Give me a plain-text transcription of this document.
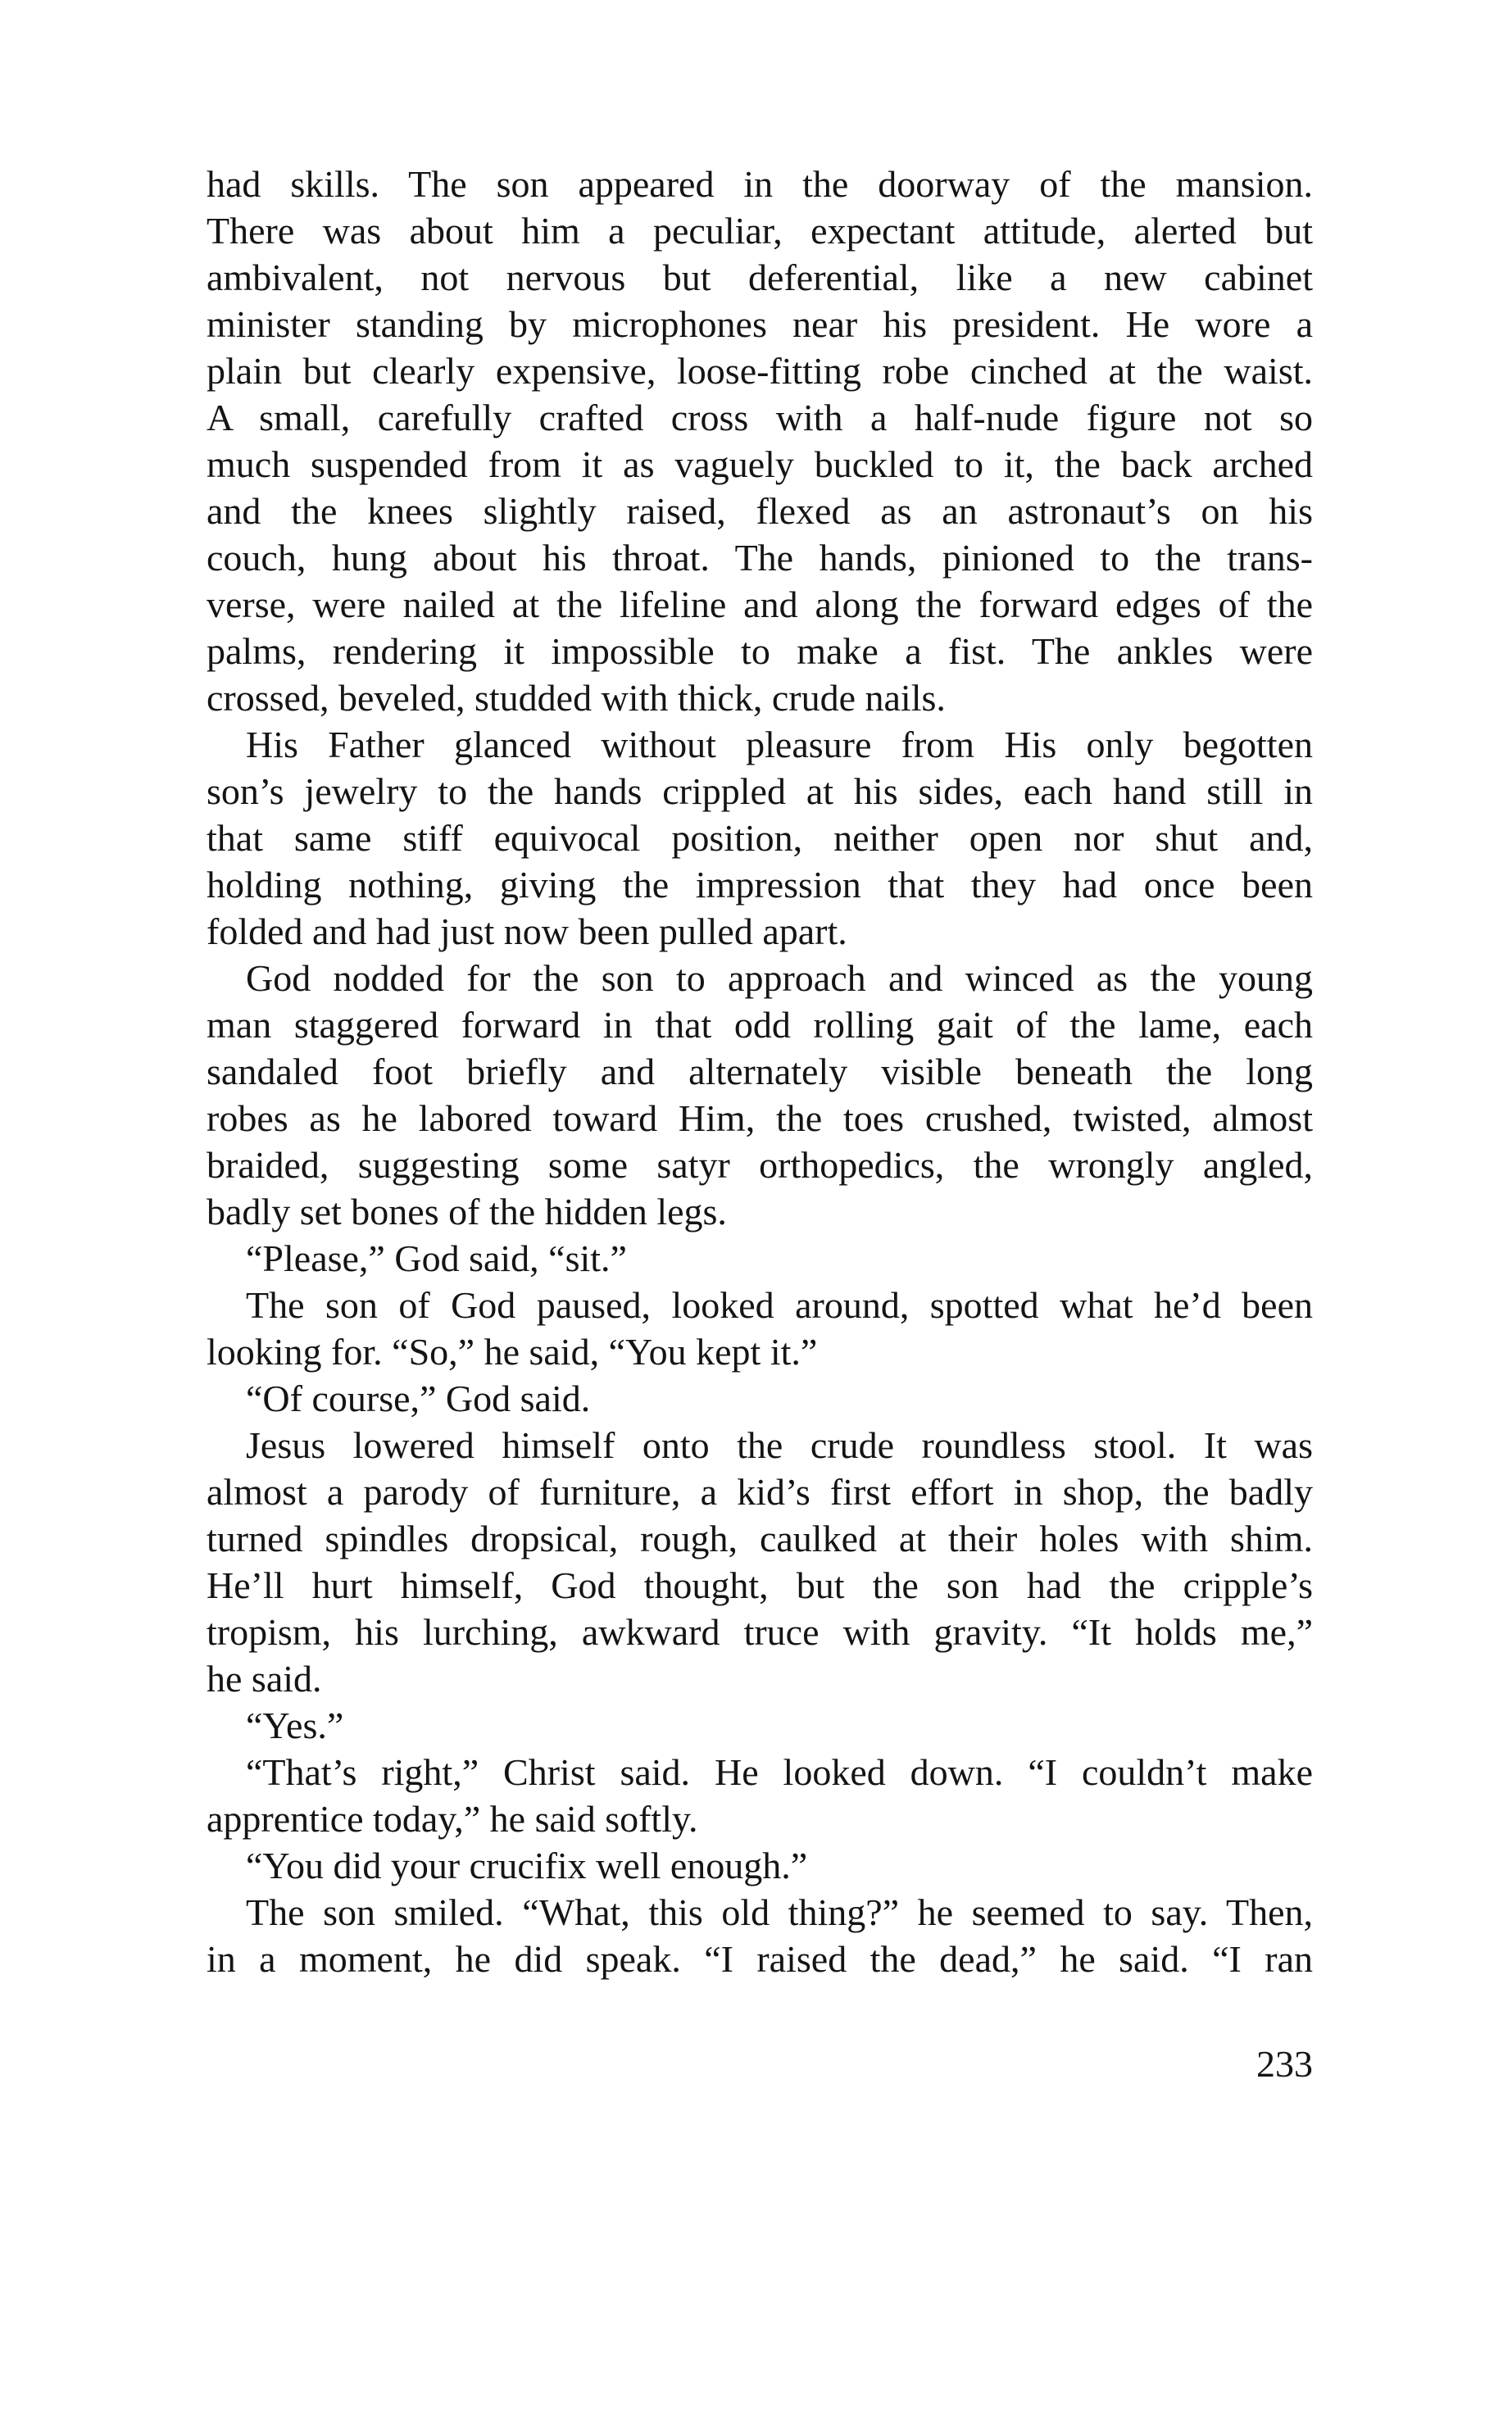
had skills. The son appeared in the doorway of the mansion.
There was about him a peculiar, expectant attitude, alerted but
ambivalent, not nervous but deferential, like a new cabinet
minister standing by microphones near his president. He wore a
plain but clearly expensive, loose-fitting robe cinched at the waist.
A small, carefully crafted cross with a half-nude figure not so
much suspended from it as vaguely buckled to it, the back arched
and the knees slightly raised, flexed as an astronaut’s on his
couch, hung about his throat. The hands, pinioned to the trans-
verse, were nailed at the lifeline and along the forward edges of the
palms, rendering it impossible to make a fist. The ankles were
crossed, beveled, studded with thick, crude nails.
His Father glanced without pleasure from His only begotten
son’s jewelry to the hands crippled at his sides, each hand still in
that same stiff equivocal position, neither open nor shut and,
holding nothing, giving the impression that they had once been
folded and had just now been pulled apart.
God nodded for the son to approach and winced as the young
man staggered forward in that odd rolling gait of the lame, each
sandaled foot briefly and alternately visible beneath the long
robes as he labored toward Him, the toes crushed, twisted, almost
braided, suggesting some satyr orthopedics, the wrongly angled,
badly set bones of the hidden legs.
“Please,” God said, “sit.”
The son of God paused, looked around, spotted what he’d been
looking for. “So,” he said, “You kept it.”
“Of course,” God said.
Jesus lowered himself onto the crude roundless stool. It was
almost a parody of furniture, a kid’s first effort in shop, the badly
turned spindles dropsical, rough, caulked at their holes with shim.
He’ll hurt himself, God thought, but the son had the cripple’s
tropism, his lurching, awkward truce with gravity. “It holds me,”
he said.
“Yes.”
“That’s right,” Christ said. He looked down. “I couldn’t make
apprentice today,” he said softly.
“You did your crucifix well enough.”
The son smiled. “What, this old thing?” he seemed to say. Then,
in a moment, he did speak. “I raised the dead,” he said. “I ran
233
